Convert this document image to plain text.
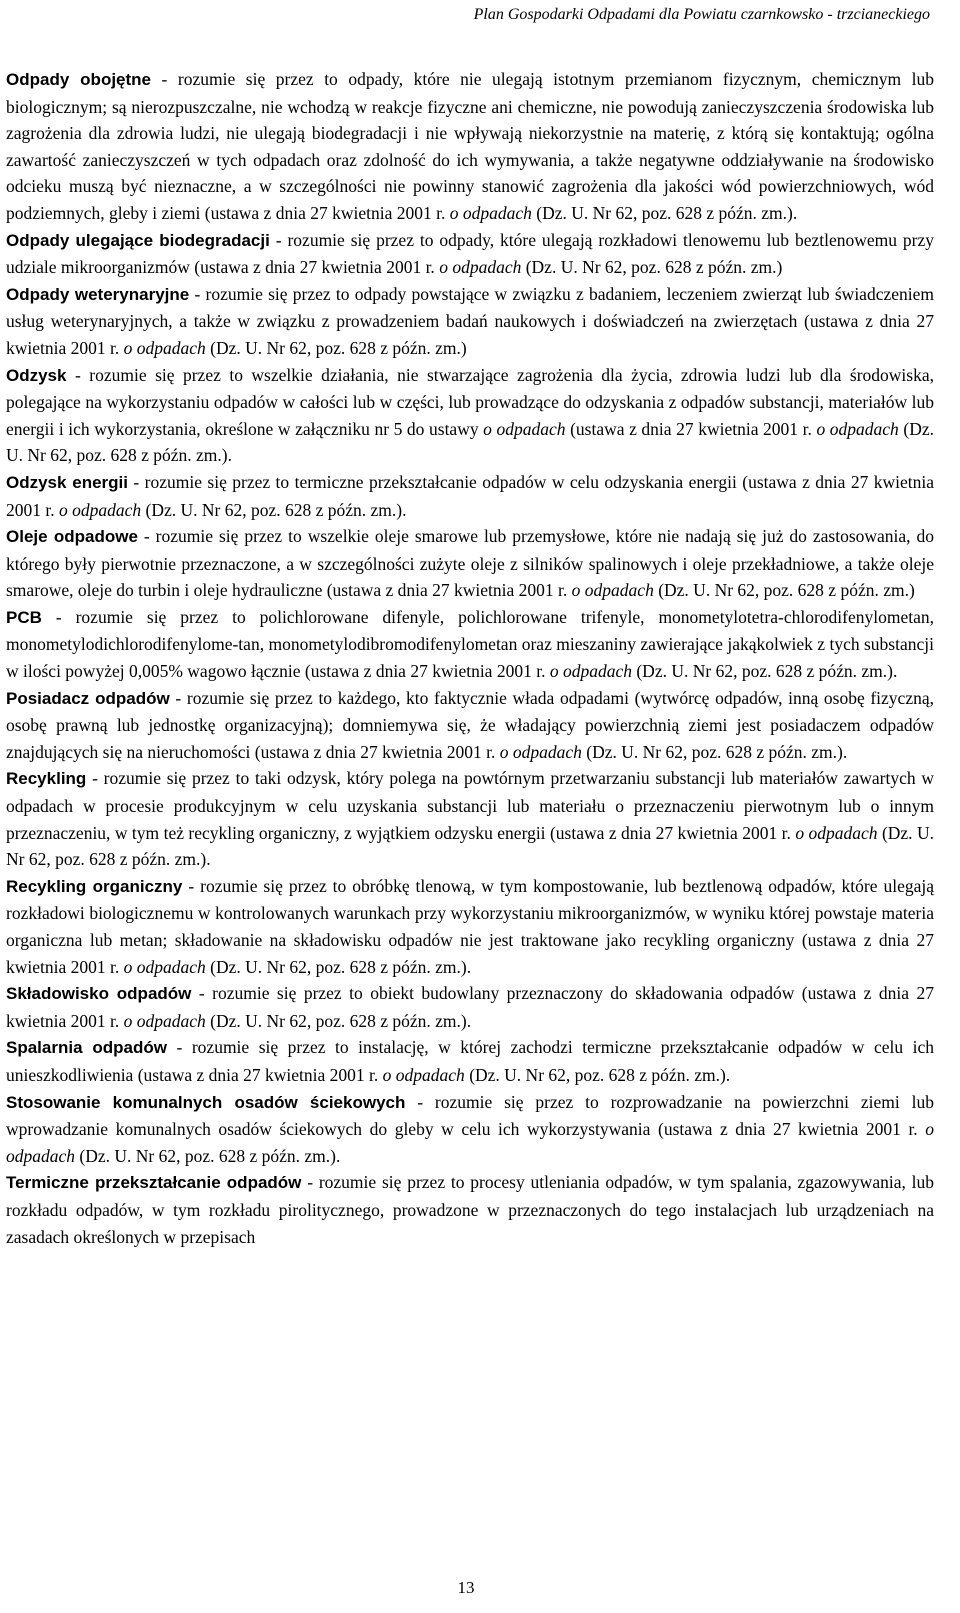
Plan Gospodarki Odpadami dla Powiatu czarnkowsko - trzcianeckiego

Odpady obojętne - rozumie się przez to odpady, które nie ulegają istotnym przemianom fizycznym, chemicznym lub biologicznym; są nierozpuszczalne, nie wchodzą w reakcje fizyczne ani chemiczne, nie powodują zanieczyszczenia środowiska lub zagrożenia dla zdrowia ludzi, nie ulegają biodegradacji i nie wpływają niekorzystnie na materię, z którą się kontaktują; ogólna zawartość zanieczyszczeń w tych odpadach oraz zdolność do ich wymywania, a także negatywne oddziaływanie na środowisko odcieku muszą być nieznaczne, a w szczególności nie powinny stanowić zagrożenia dla jakości wód powierzchniowych, wód podziemnych, gleby i ziemi (ustawa z dnia 27 kwietnia 2001 r. o odpadach (Dz. U. Nr 62, poz. 628 z późn. zm.).

Odpady ulegające biodegradacji - rozumie się przez to odpady, które ulegają rozkładowi tlenowemu lub beztlenowemu przy udziale mikroorganizmów (ustawa z dnia 27 kwietnia 2001 r. o odpadach (Dz. U. Nr 62, poz. 628 z późn. zm.)

Odpady weterynaryjne - rozumie się przez to odpady powstające w związku z badaniem, leczeniem zwierząt lub świadczeniem usług weterynaryjnych, a także w związku z prowadzeniem badań naukowych i doświadczeń na zwierzętach (ustawa z dnia 27 kwietnia 2001 r. o odpadach (Dz. U. Nr 62, poz. 628 z późn. zm.)

Odzysk - rozumie się przez to wszelkie działania, nie stwarzające zagrożenia dla życia, zdrowia ludzi lub dla środowiska, polegające na wykorzystaniu odpadów w całości lub w części, lub prowadzące do odzyskania z odpadów substancji, materiałów lub energii i ich wykorzystania, określone w załączniku nr 5 do ustawy o odpadach (ustawa z dnia 27 kwietnia 2001 r. o odpadach (Dz. U. Nr 62, poz. 628 z późn. zm.).

Odzysk energii - rozumie się przez to termiczne przekształcanie odpadów w celu odzyskania energii (ustawa z dnia 27 kwietnia 2001 r. o odpadach (Dz. U. Nr 62, poz. 628 z późn. zm.).

Oleje odpadowe - rozumie się przez to wszelkie oleje smarowe lub przemysłowe, które nie nadają się już do zastosowania, do którego były pierwotnie przeznaczone, a w szczególności zużyte oleje z silników spalinowych i oleje przekładniowe, a także oleje smarowe, oleje do turbin i oleje hydrauliczne (ustawa z dnia 27 kwietnia 2001 r. o odpadach (Dz. U. Nr 62, poz. 628 z późn. zm.)

PCB - rozumie się przez to polichlorowane difenyle, polichlorowane trifenyle, monometylotetra-chlorodifenylometan, monometylodichlorodifenylome-tan, monometylodibromodifenylometan oraz mieszaniny zawierające jakąkolwiek z tych substancji w ilości powyżej 0,005% wagowo łącznie (ustawa z dnia 27 kwietnia 2001 r. o odpadach (Dz. U. Nr 62, poz. 628 z późn. zm.).

Posiadacz odpadów - rozumie się przez to każdego, kto faktycznie włada odpadami (wytwórcę odpadów, inną osobę fizyczną, osobę prawną lub jednostkę organizacyjną); domniemywa się, że władający powierzchnią ziemi jest posiadaczem odpadów znajdujących się na nieruchomości (ustawa z dnia 27 kwietnia 2001 r. o odpadach (Dz. U. Nr 62, poz. 628 z późn. zm.).

Recykling - rozumie się przez to taki odzysk, który polega na powtórnym przetwarzaniu substancji lub materiałów zawartych w odpadach w procesie produkcyjnym w celu uzyskania substancji lub materiału o przeznaczeniu pierwotnym lub o innym przeznaczeniu, w tym też recykling organiczny, z wyjątkiem odzysku energii (ustawa z dnia 27 kwietnia 2001 r. o odpadach (Dz. U. Nr 62, poz. 628 z późn. zm.).

Recykling organiczny - rozumie się przez to obróbkę tlenową, w tym kompostowanie, lub beztlenową odpadów, które ulegają rozkładowi biologicznemu w kontrolowanych warunkach przy wykorzystaniu mikroorganizmów, w wyniku której powstaje materia organiczna lub metan; składowanie na składowisku odpadów nie jest traktowane jako recykling organiczny (ustawa z dnia 27 kwietnia 2001 r. o odpadach (Dz. U. Nr 62, poz. 628 z późn. zm.).

Składowisko odpadów - rozumie się przez to obiekt budowlany przeznaczony do składowania odpadów (ustawa z dnia 27 kwietnia 2001 r. o odpadach (Dz. U. Nr 62, poz. 628 z późn. zm.).

Spalarnia odpadów - rozumie się przez to instalację, w której zachodzi termiczne przekształcanie odpadów w celu ich unieszkodliwienia (ustawa z dnia 27 kwietnia 2001 r. o odpadach (Dz. U. Nr 62, poz. 628 z późn. zm.).

Stosowanie komunalnych osadów ściekowych - rozumie się przez to rozprowadzanie na powierzchni ziemi lub wprowadzanie komunalnych osadów ściekowych do gleby w celu ich wykorzystywania (ustawa z dnia 27 kwietnia 2001 r. o odpadach (Dz. U. Nr 62, poz. 628 z późn. zm.).

Termiczne przekształcanie odpadów - rozumie się przez to procesy utleniania odpadów, w tym spalania, zgazowywania, lub rozkładu odpadów, w tym rozkładu pirolitycznego, prowadzone w przeznaczonych do tego instalacjach lub urządzeniach na zasadach określonych w przepisach

13
